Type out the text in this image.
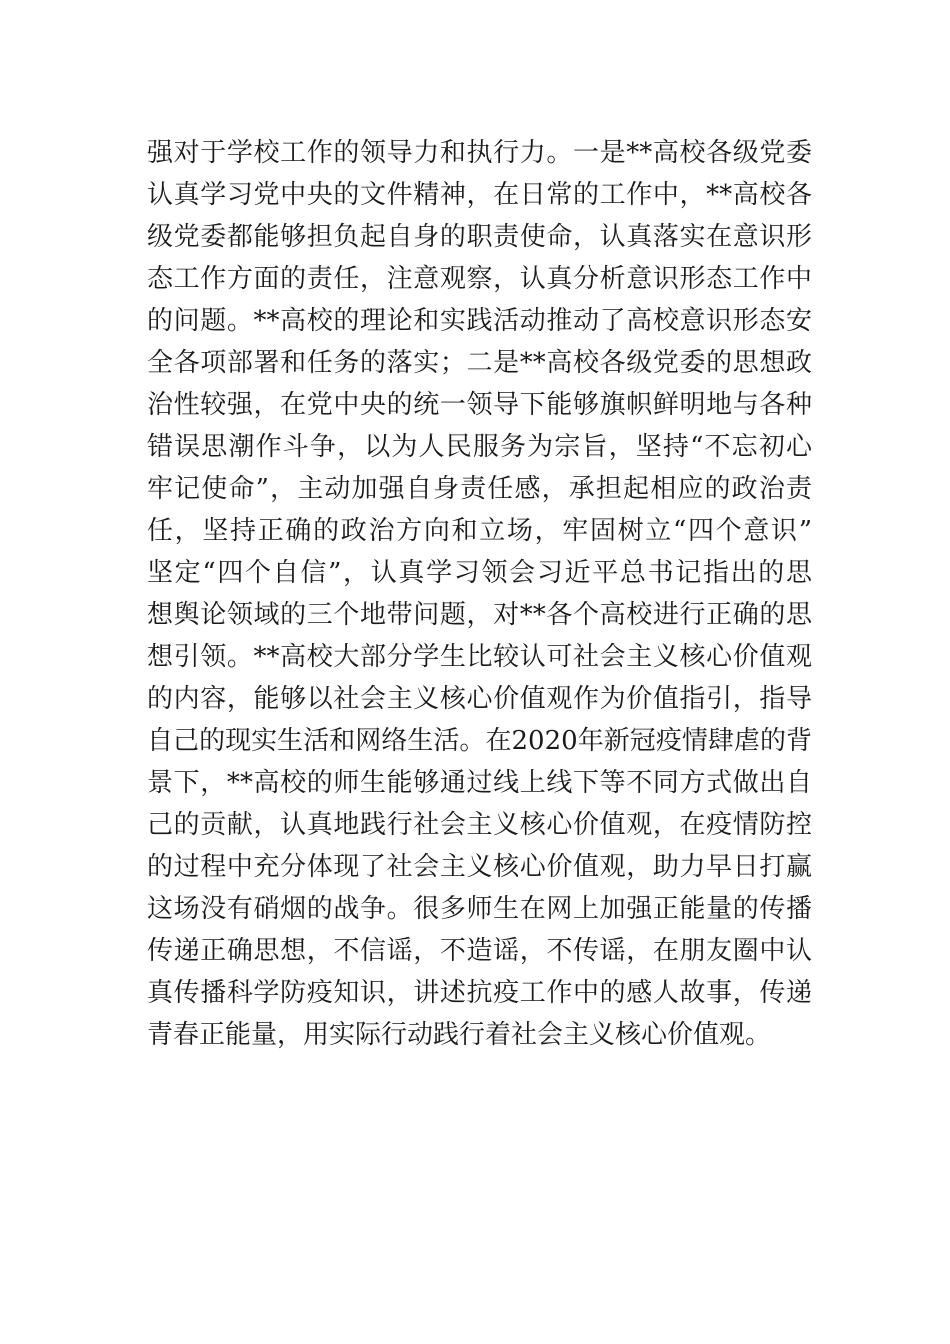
强对于学校工作的领导力和执行力。一是**高校各级党委
认真学习党中央的文件精神，在日常的工作中，**高校各
级党委都能够担负起自身的职责使命，认真落实在意识形
态工作方面的责任，注意观察，认真分析意识形态工作中
的问题。**高校的理论和实践活动推动了高校意识形态安
全各项部署和任务的落实；二是**高校各级党委的思想政
治性较强，在党中央的统一领导下能够旗帜鲜明地与各种
错误思潮作斗争，以为人民服务为宗旨，坚持“不忘初心
牢记使命”，主动加强自身责任感，承担起相应的政治责
任，坚持正确的政治方向和立场，牢固树立“四个意识”
坚定“四个自信”，认真学习领会习近平总书记指出的思
想舆论领域的三个地带问题，对**各个高校进行正确的思
想引领。**高校大部分学生比较认可社会主义核心价值观
的内容，能够以社会主义核心价值观作为价值指引，指导
自己的现实生活和网络生活。在2020年新冠疫情肆虐的背
景下，**高校的师生能够通过线上线下等不同方式做出自
己的贡献，认真地践行社会主义核心价值观，在疫情防控
的过程中充分体现了社会主义核心价值观，助力早日打赢
这场没有硝烟的战争。很多师生在网上加强正能量的传播
传递正确思想，不信谣，不造谣，不传谣，在朋友圈中认
真传播科学防疫知识，讲述抗疫工作中的感人故事，传递
青春正能量，用实际行动践行着社会主义核心价值观。
